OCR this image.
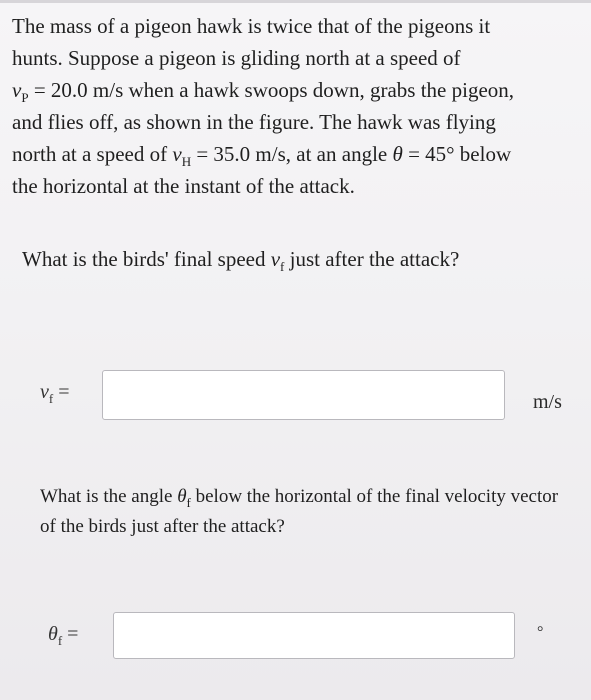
The mass of a pigeon hawk is twice that of the pigeons it

hunts. Suppose a pigeon is gliding north at a speed of

$v_P = 20.0$ m/s when a hawk swoops down, grabs the pigeon,

and flies off, as shown in the figure. The hawk was flying

north at a speed of $v_H = 35.0$ m/s, at an angle θ = 45° below

the horizontal at the instant of the attack.

What is the birds' final speed $v_f$ just after the attack?
$v_f$ =	m/s
What is the angle $\theta_f$ below the horizontal of the final velocity vector of the birds just after the attack?
$\theta_f$ =	°
